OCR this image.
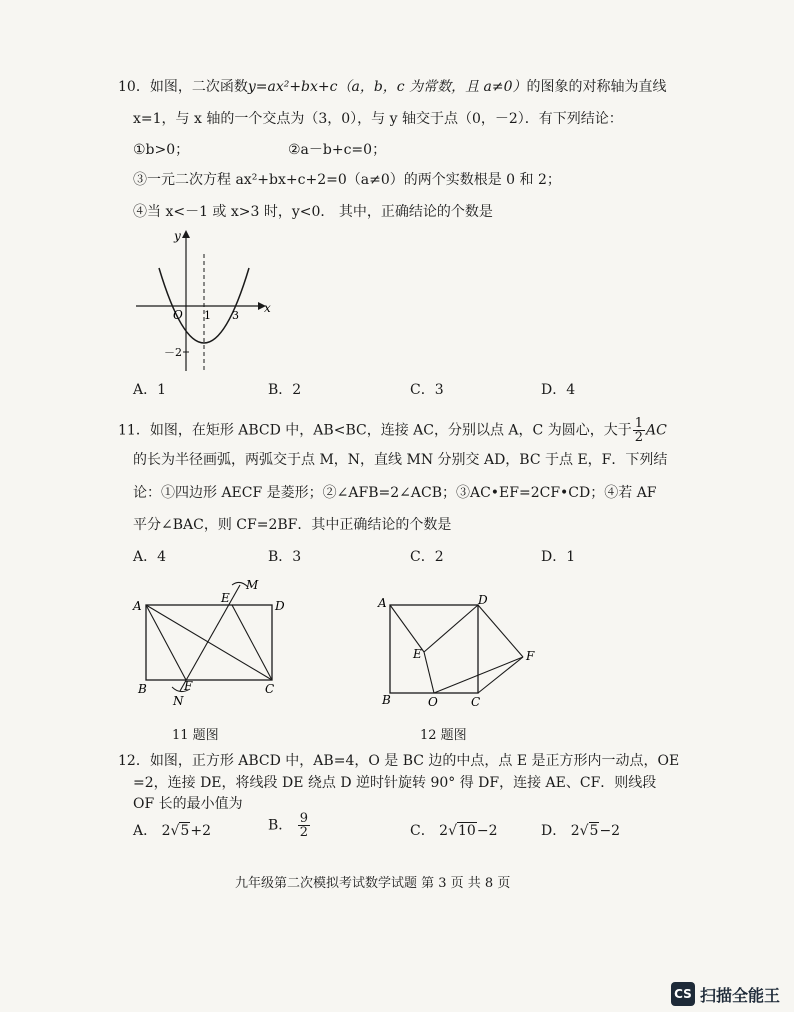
10．如图，二次函数y=ax²+bx+c（a，b，c 为常数，且 a≠0）的图象的对称轴为直线
x=1，与 x 轴的一个交点为（3，0），与 y 轴交于点（0，－2）．有下列结论：
①b>0；	②a－b+c=0；
③一元二次方程 ax²+bx+c+2=0（a≠0）的两个实数根是 0 和 2；
④当 x<－1 或 x>3 时，y<0． 其中，正确结论的个数是
y
x
O 1 3
－2
A．1	B．2	C．3	D．4
11．如图，在矩形 ABCD 中，AB<BC，连接 AC，分别以点 A，C 为圆心，大于 $\frac{1}{2}$ AC
的长为半径画弧，两弧交于点 M，N，直线 MN 分别交 AD，BC 于点 E，F．下列结
论：①四边形 AECF 是菱形；②∠AFB=2∠ACB；③AC•EF=2CF•CD；④若 AF
平分∠BAC，则 CF=2BF．其中正确结论的个数是
A．4	B．3	C．2	D．1
A
B	C
D
E
F
M
N
11 题图
A	D
B	C
E	F
O
12 题图
12．如图，正方形 ABCD 中，AB=4，O 是 BC 边的中点，点 E 是正方形内一动点，OE
=2，连接 DE，将线段 DE 绕点 D 逆时针旋转 90° 得 DF，连接 AE、CF．则线段
OF 长的最小值为
A． 2√5+2	B． $\frac{9}{2}$	C． 2√10−2	D． 2√5−2
九年级第二次模拟考试数学试题 第 3 页 共 8 页
CS 扫描全能王
